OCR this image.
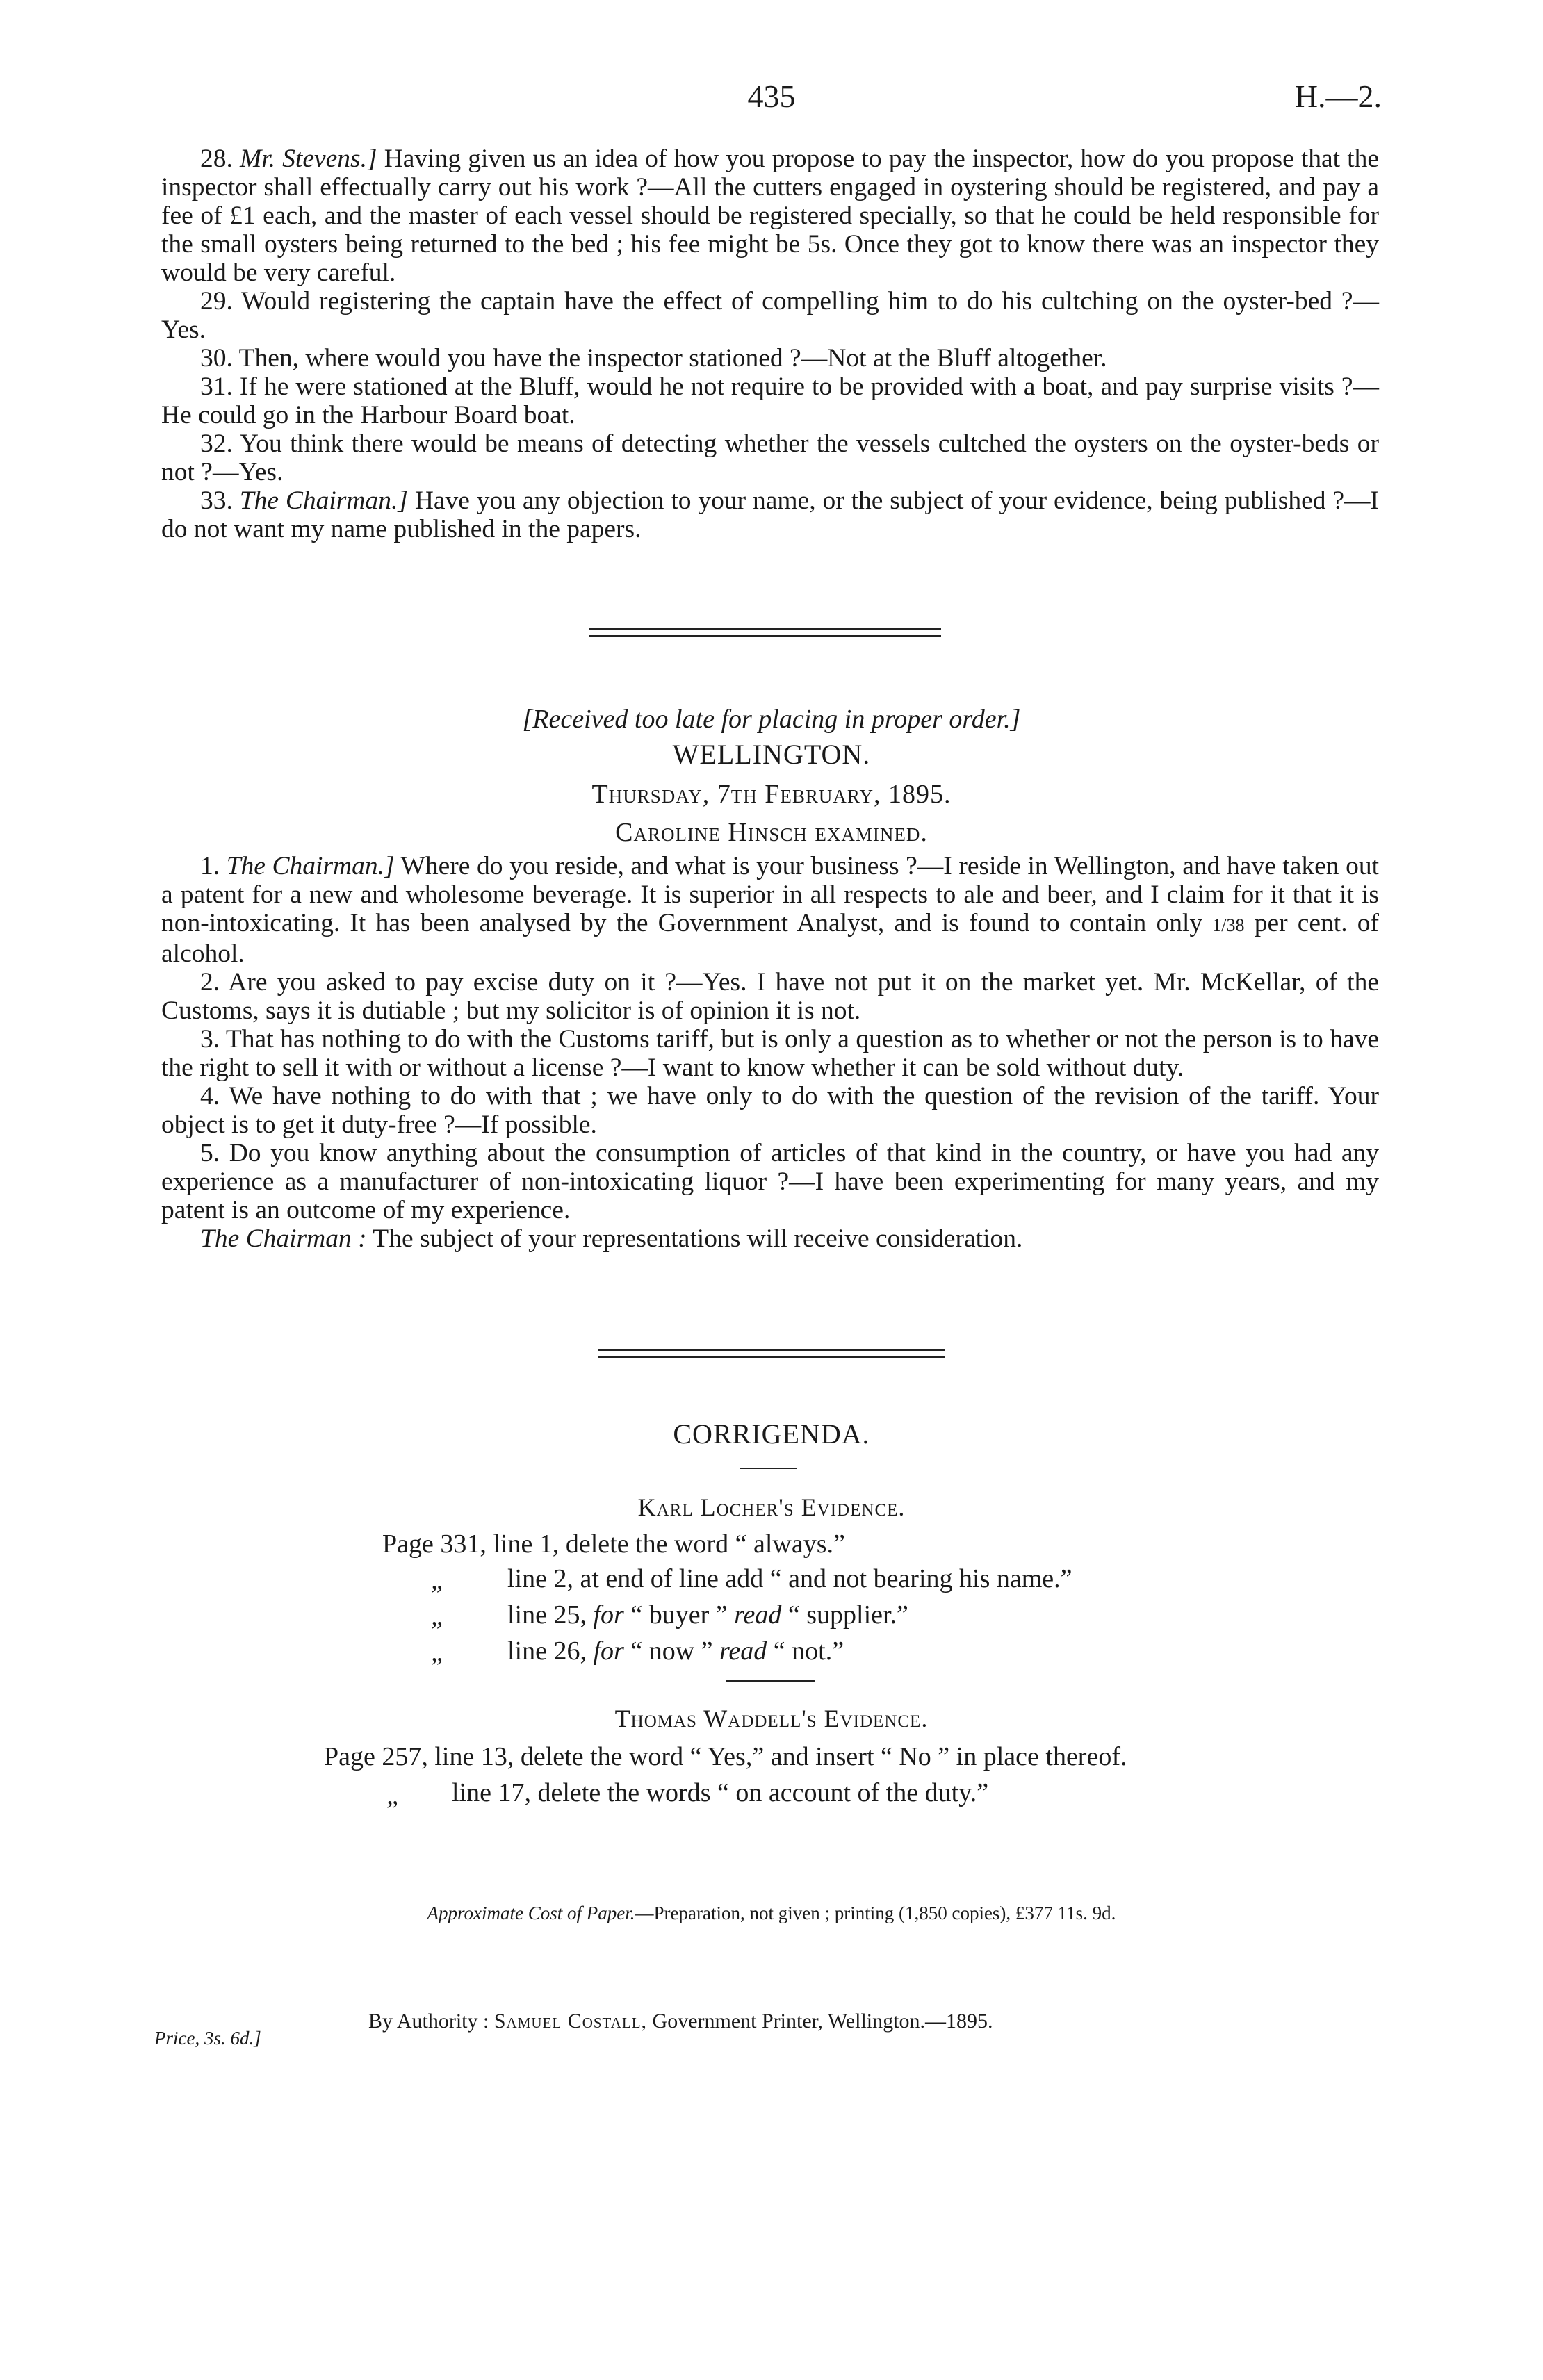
435	H.—2.

28. Mr. Stevens.] Having given us an idea of how you propose to pay the inspector, how do you propose that the inspector shall effectually carry out his work ?—All the cutters engaged in oystering should be registered, and pay a fee of £1 each, and the master of each vessel should be registered specially, so that he could be held responsible for the small oysters being returned to the bed ; his fee might be 5s. Once they got to know there was an inspector they would be very careful.

29. Would registering the captain have the effect of compelling him to do his cultching on the oyster-bed ?—Yes.

30. Then, where would you have the inspector stationed ?—Not at the Bluff altogether.

31. If he were stationed at the Bluff, would he not require to be provided with a boat, and pay surprise visits ?—He could go in the Harbour Board boat.

32. You think there would be means of detecting whether the vessels cultched the oysters on the oyster-beds or not ?—Yes.

33. The Chairman.] Have you any objection to your name, or the subject of your evidence, being published ?—I do not want my name published in the papers.

[Received too late for placing in proper order.]
WELLINGTON.
Thursday, 7th February, 1895.
Caroline Hinsch examined.

1. The Chairman.] Where do you reside, and what is your business ?—I reside in Wellington, and have taken out a patent for a new and wholesome beverage. It is superior in all respects to ale and beer, and I claim for it that it is non-intoxicating. It has been analysed by the Government Analyst, and is found to contain only 1/38 per cent. of alcohol.

2. Are you asked to pay excise duty on it ?—Yes. I have not put it on the market yet. Mr. McKellar, of the Customs, says it is dutiable ; but my solicitor is of opinion it is not.

3. That has nothing to do with the Customs tariff, but is only a question as to whether or not the person is to have the right to sell it with or without a license ?—I want to know whether it can be sold without duty.

4. We have nothing to do with that ; we have only to do with the question of the revision of the tariff. Your object is to get it duty-free ?—If possible.

5. Do you know anything about the consumption of articles of that kind in the country, or have you had any experience as a manufacturer of non-intoxicating liquor ?—I have been experimenting for many years, and my patent is an outcome of my experience.

The Chairman : The subject of your representations will receive consideration.

CORRIGENDA.
Karl Locher's Evidence.
Page 331, line 1, delete the word “ always.”
„ line 2, at end of line add “ and not bearing his name.”
„ line 25, for “ buyer ” read “ supplier.”
„ line 26, for “ now ” read “ not.”
Thomas Waddell's Evidence.
Page 257, line 13, delete the word “ Yes,” and insert “ No ” in place thereof.
„ line 17, delete the words “ on account of the duty.”
Approximate Cost of Paper.—Preparation, not given ; printing (1,850 copies), £377 11s. 9d.
Price, 3s. 6d.]
By Authority : Samuel Costall, Government Printer, Wellington.—1895.
